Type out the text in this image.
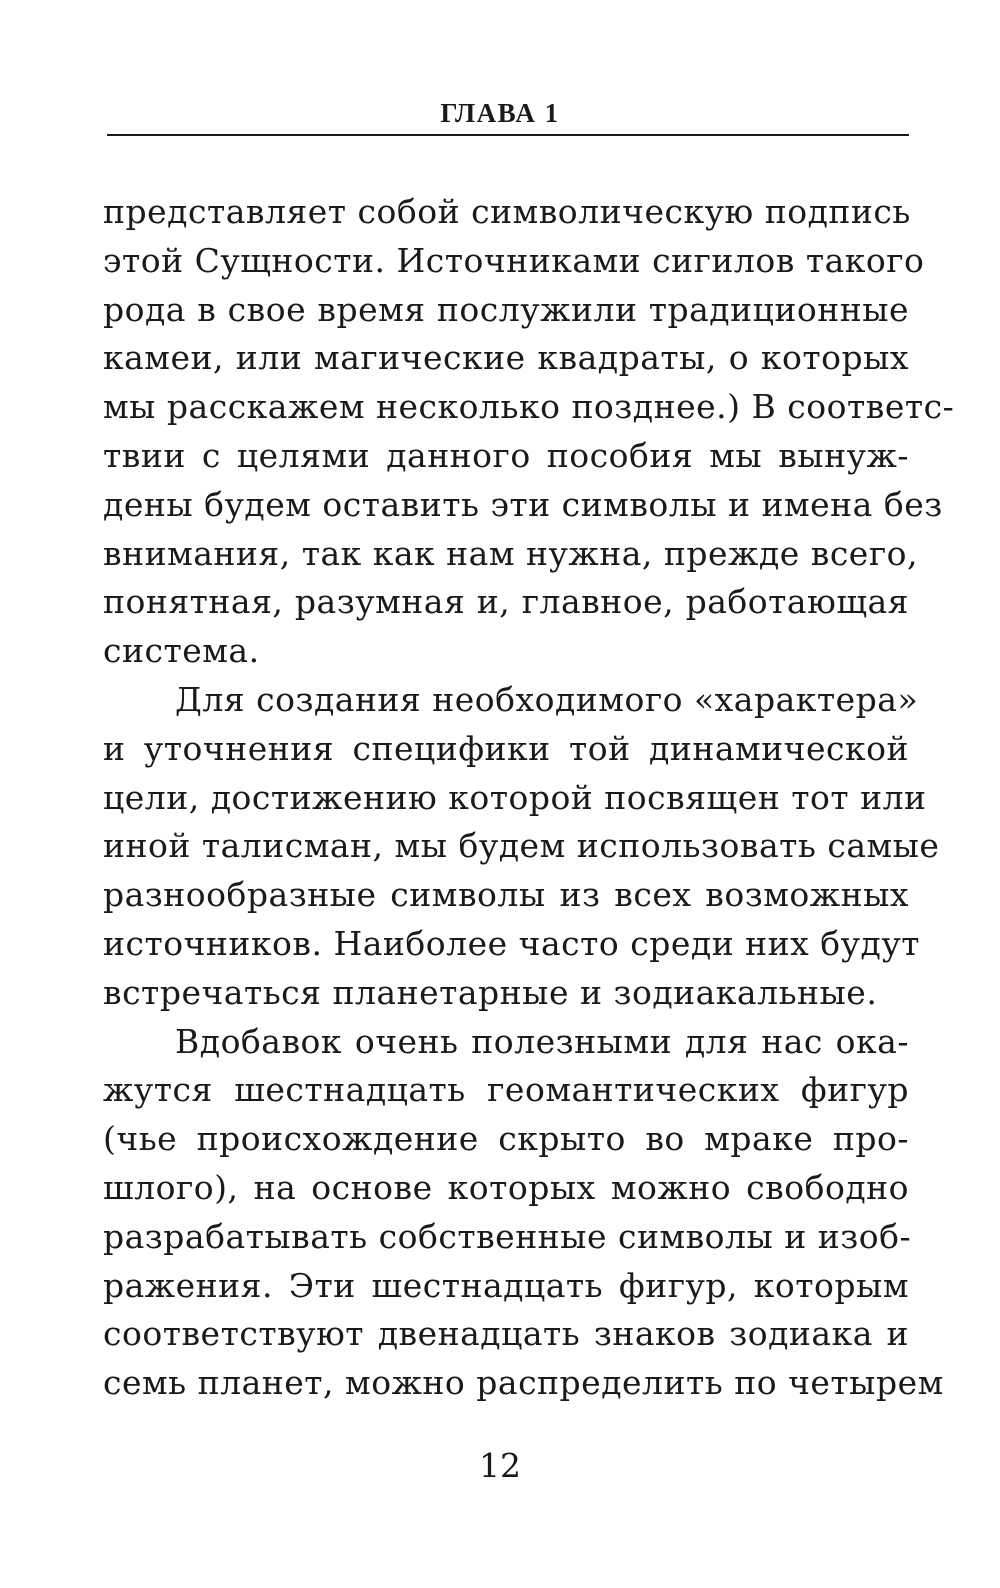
ГЛАВА 1
представляет собой символическую подпись
этой Сущности. Источниками сигилов такого
рода в свое время послужили традиционные
камеи, или магические квадраты, о которых
мы расскажем несколько позднее.) В соответс-
твии с целями данного пособия мы вынуж-
дены будем оставить эти символы и имена без
внимания, так как нам нужна, прежде всего,
понятная, разумная и, главное, работающая
система.
Для создания необходимого «характера»
и уточнения специфики той динамической
цели, достижению которой посвящен тот или
иной талисман, мы будем использовать самые
разнообразные символы из всех возможных
источников. Наиболее часто среди них будут
встречаться планетарные и зодиакальные.
Вдобавок очень полезными для нас ока-
жутся шестнадцать геомантических фигур
(чье происхождение скрыто во мраке про-
шлого), на основе которых можно свободно
разрабатывать собственные символы и изоб-
ражения. Эти шестнадцать фигур, которым
соответствуют двенадцать знаков зодиака и
семь планет, можно распределить по четырем
12
